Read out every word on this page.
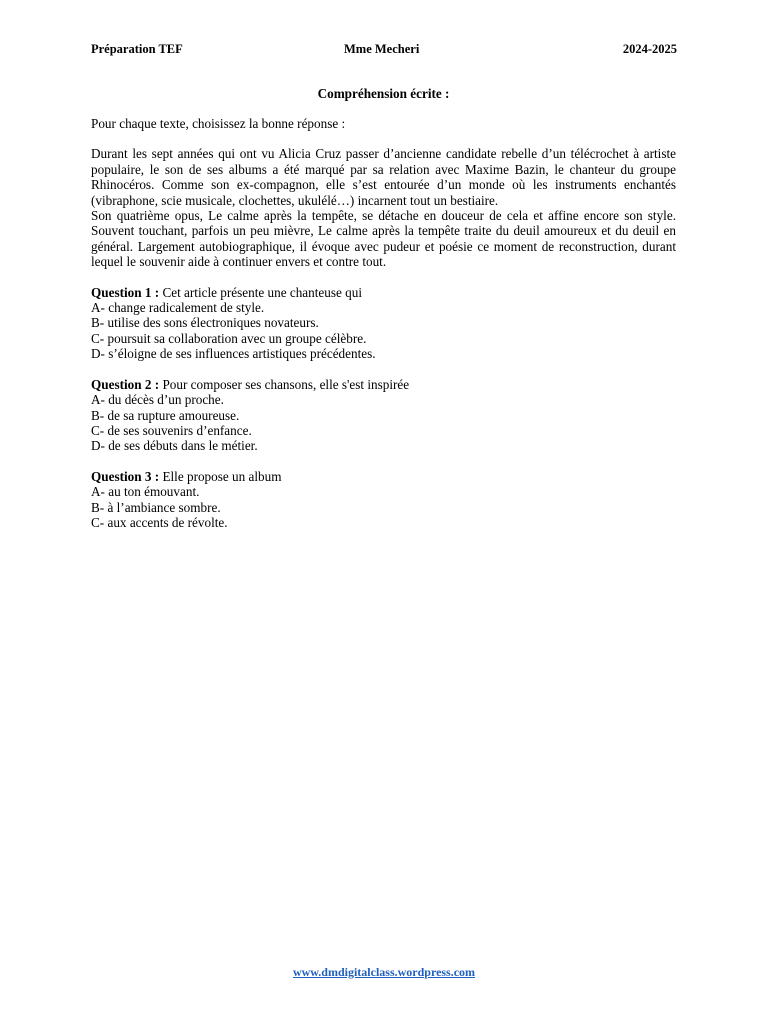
Préparation TEF	Mme Mecheri	2024-2025
Compréhension écrite :
Pour chaque texte, choisissez la bonne réponse :

Durant les sept années qui ont vu Alicia Cruz passer d’ancienne candidate rebelle d’un télécrochet à artiste populaire, le son de ses albums a été marqué par sa relation avec Maxime Bazin, le chanteur du groupe Rhinocéros. Comme son ex-compagnon, elle s’est entourée d’un monde où les instruments enchantés (vibraphone, scie musicale, clochettes, ukulélé…) incarnent tout un bestiaire.

Son quatrième opus, Le calme après la tempête, se détache en douceur de cela et affine encore son style. Souvent touchant, parfois un peu mièvre, Le calme après la tempête traite du deuil amoureux et du deuil en général. Largement autobiographique, il évoque avec pudeur et poésie ce moment de reconstruction, durant lequel le souvenir aide à continuer envers et contre tout.

Question 1 : Cet article présente une chanteuse qui

A- change radicalement de style.
B- utilise des sons électroniques novateurs.
C- poursuit sa collaboration avec un groupe célèbre.
D- s’éloigne de ses influences artistiques précédentes.

Question 2 : Pour composer ses chansons, elle s'est inspirée

A- du décès d’un proche.
B- de sa rupture amoureuse.
C- de ses souvenirs d’enfance.
D- de ses débuts dans le métier.

Question 3 : Elle propose un album

A- au ton émouvant.
B- à l’ambiance sombre.
C- aux accents de révolte.
www.dmdigitalclass.wordpress.com
